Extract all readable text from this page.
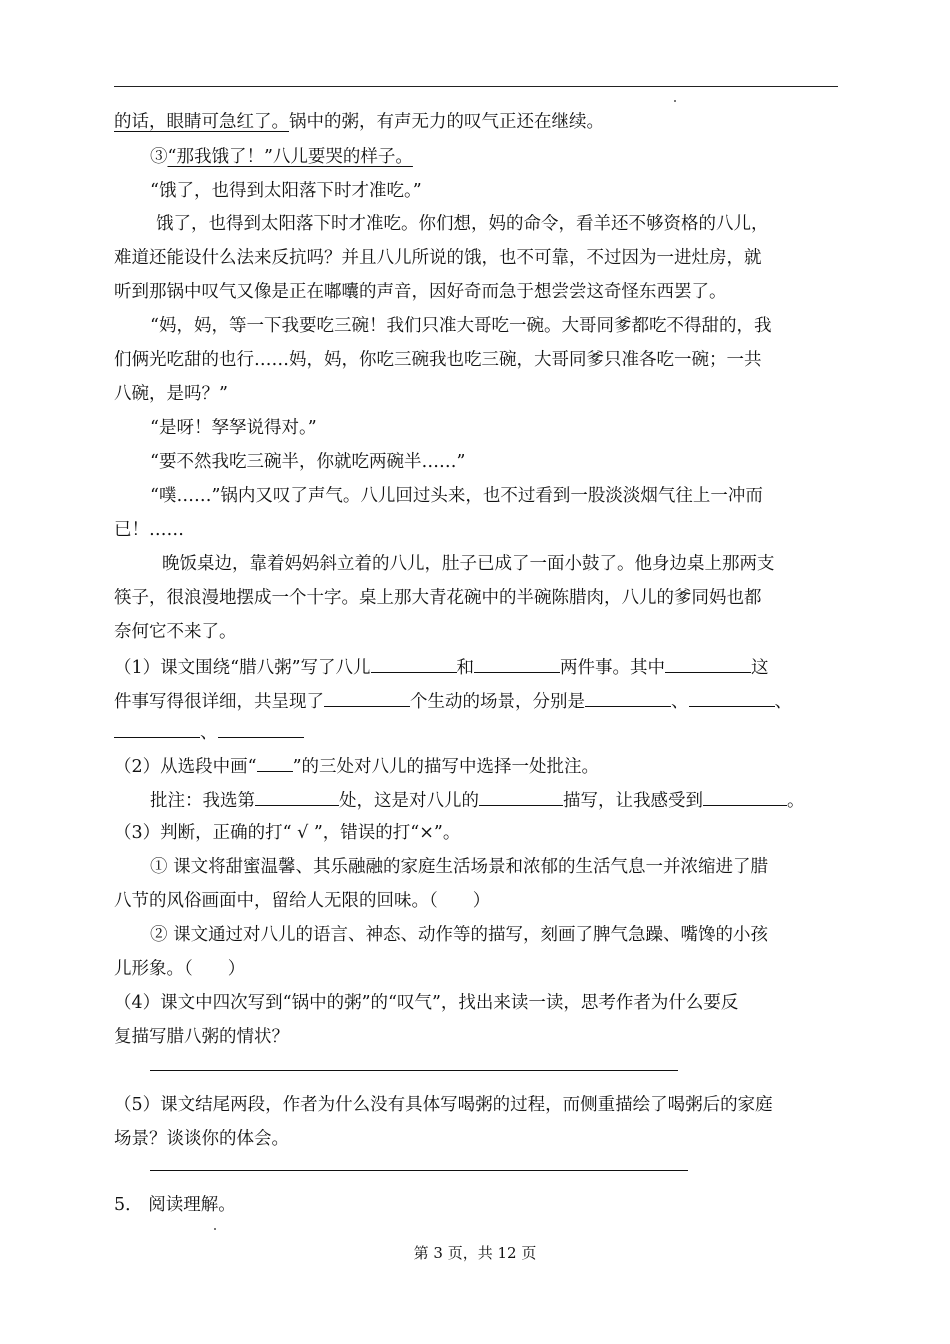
的话，眼睛可急红了。锅中的粥，有声无力的叹气正还在继续。
③“那我饿了！”八儿要哭的样子。
“饿了，也得到太阳落下时才准吃。”
饿了，也得到太阳落下时才准吃。你们想，妈的命令，看羊还不够资格的八儿，
难道还能设什么法来反抗吗？并且八儿所说的饿，也不可靠，不过因为一进灶房，就
听到那锅中叹气又像是正在嘟囔的声音，因好奇而急于想尝尝这奇怪东西罢了。
“妈，妈，等一下我要吃三碗！我们只准大哥吃一碗。大哥同爹都吃不得甜的，我
们俩光吃甜的也行……妈，妈，你吃三碗我也吃三碗，大哥同爹只准各吃一碗；一共
八碗，是吗？”
“是呀！孥孥说得对。”
“要不然我吃三碗半，你就吃两碗半……”
“噗……”锅内又叹了声气。八儿回过头来，也不过看到一股淡淡烟气往上一冲而
已！……
晚饭桌边，靠着妈妈斜立着的八儿，肚子已成了一面小鼓了。他身边桌上那两支
筷子，很浪漫地摆成一个十字。桌上那大青花碗中的半碗陈腊肉，八儿的爹同妈也都
奈何它不来了。
（1）课文围绕“腊八粥”写了八儿	和	两件事。其中	这
件事写得很详细，共呈现了	个生动的场景，分别是	、	、
、
（2）从选段中画“ ”的三处对八儿的描写中选择一处批注。
批注：我选第	处，这是对八儿的	描写，让我感受到	。
（3）判断，正确的打“ √ ”，错误的打“×”。
① 课文将甜蜜温馨、其乐融融的家庭生活场景和浓郁的生活气息一并浓缩进了腊
八节的风俗画面中，留给人无限的回味。（　　）
② 课文通过对八儿的语言、神态、动作等的描写，刻画了脾气急躁、嘴馋的小孩
儿形象。（　　）
（4）课文中四次写到“锅中的粥”的“叹气”，找出来读一读，思考作者为什么要反
复描写腊八粥的情状？
（5）课文结尾两段，作者为什么没有具体写喝粥的过程，而侧重描绘了喝粥后的家庭
场景？谈谈你的体会。
5． 阅读理解。
第 3 页，共 12 页
